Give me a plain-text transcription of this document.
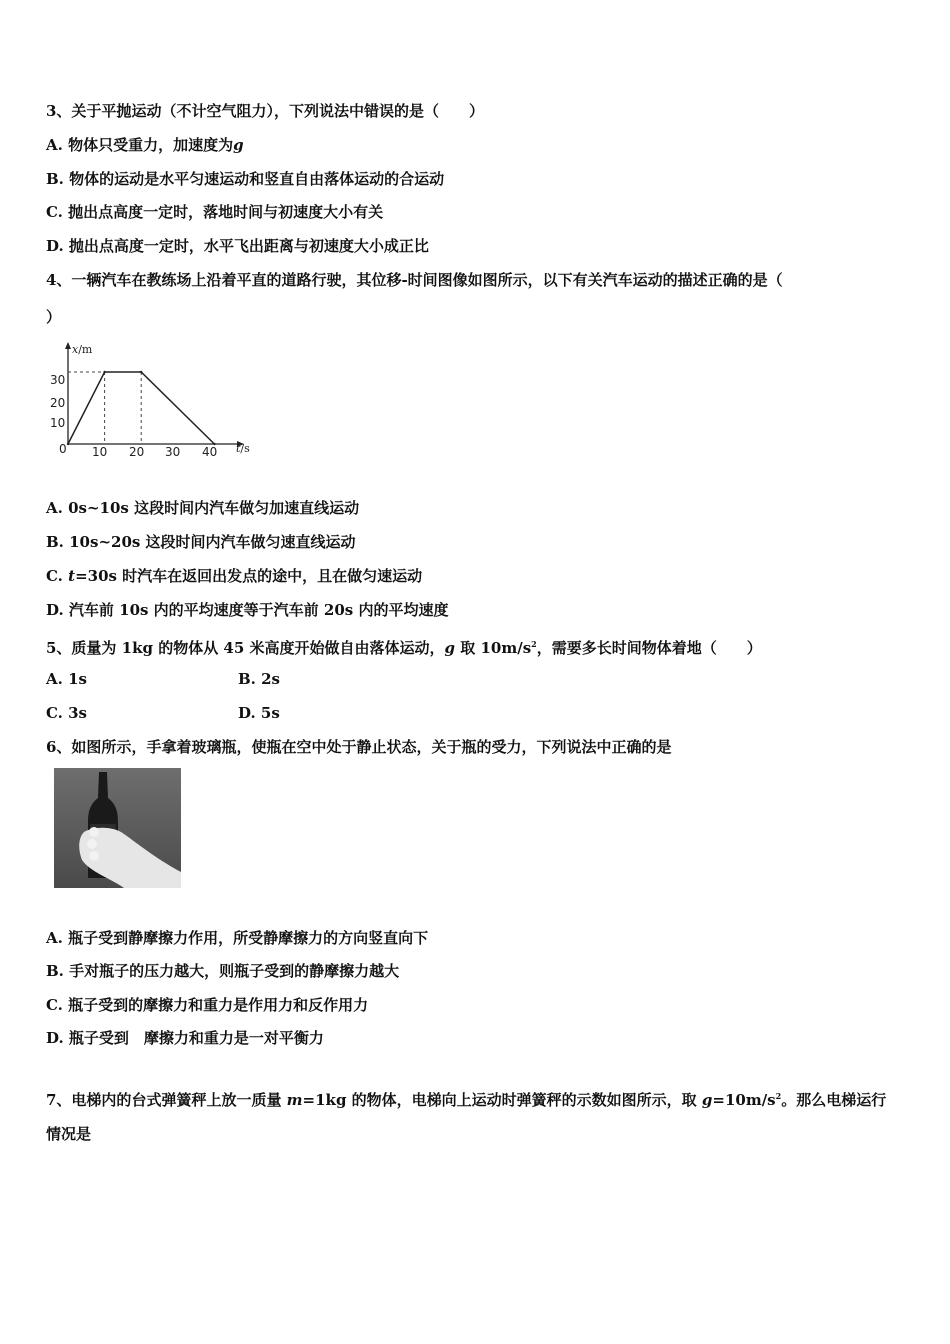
3、关于平抛运动（不计空气阻力），下列说法中错误的是（　　）
A. 物体只受重力，加速度为g
B. 物体的运动是水平匀速运动和竖直自由落体运动的合运动
C. 抛出点高度一定时，落地时间与初速度大小有关
D. 抛出点高度一定时，水平飞出距离与初速度大小成正比
4、一辆汽车在教练场上沿着平直的道路行驶，其位移-时间图像如图所示，以下有关汽车运动的描述正确的是（
）
x/m
t/s
0
10
20
30
10 20 30 40
A. 0s~10s 这段时间内汽车做匀加速直线运动
B. 10s~20s 这段时间内汽车做匀速直线运动
C. t=30s 时汽车在返回出发点的途中，且在做匀速运动
D. 汽车前 10s 内的平均速度等于汽车前 20s 内的平均速度
5、质量为 1kg 的物体从 45 米高度开始做自由落体运动，g 取 $10m/s^2$，需要多长时间物体着地（　　）
A. 1s	B. 2s
C. 3s	D. 5s
6、如图所示，手拿着玻璃瓶，使瓶在空中处于静止状态，关于瓶的受力，下列说法中正确的是
A. 瓶子受到静摩擦力作用，所受静摩擦力的方向竖直向下
B. 手对瓶子的压力越大，则瓶子受到的静摩擦力越大
C. 瓶子受到的摩擦力和重力是作用力和反作用力
D. 瓶子受到　摩擦力和重力是一对平衡力
7、电梯内的台式弹簧秤上放一质量 m=1kg 的物体，电梯向上运动时弹簧秤的示数如图所示，取 $g=10m/s^2$。那么电梯运行
情况是
